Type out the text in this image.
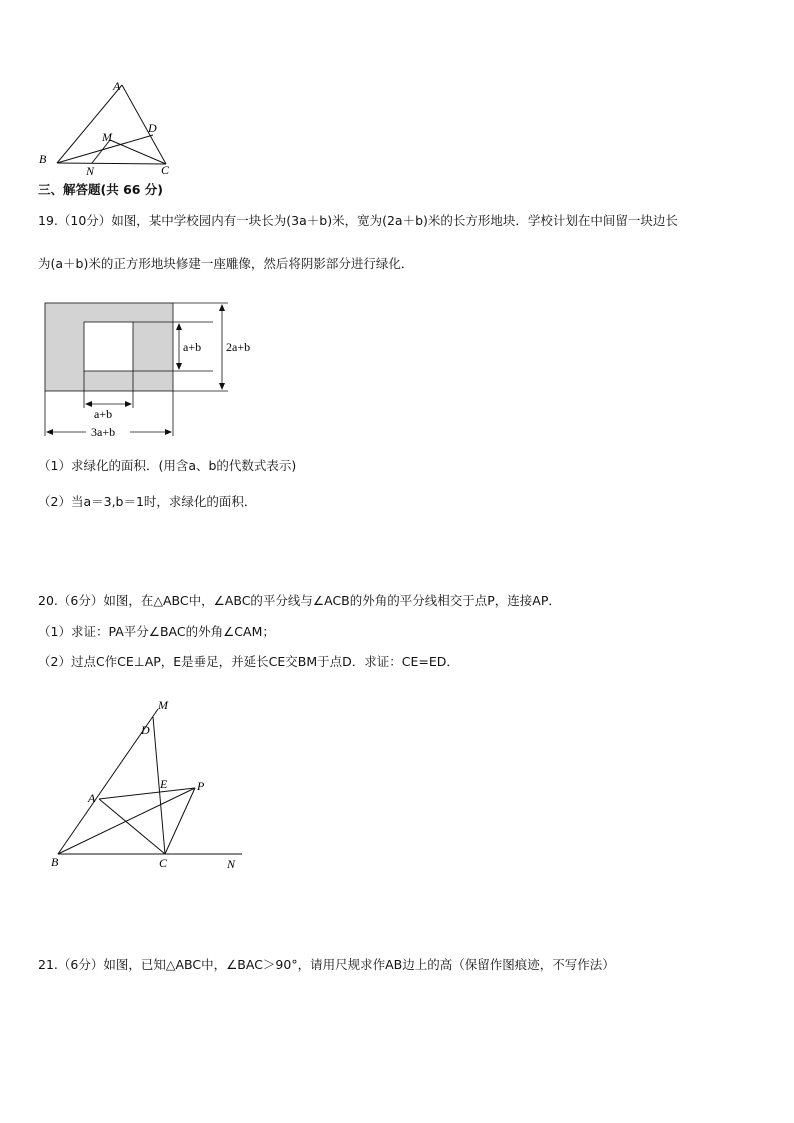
A
B
C
D
M
N
三、解答题(共 66 分)
19.（10分）如图，某中学校园内有一块长为(3a＋b)米，宽为(2a＋b)米的长方形地块．学校计划在中间留一块边长
为(a＋b)米的正方形地块修建一座雕像，然后将阴影部分进行绿化．
a+b 2a+b
a+b
3a+b
（1）求绿化的面积．(用含a、b的代数式表示)
（2）当a＝3,b＝1时，求绿化的面积．
20.（6分）如图，在△ABC中，∠ABC的平分线与∠ACB的外角的平分线相交于点P，连接AP．
（1）求证：PA平分∠BAC的外角∠CAM；
（2）过点C作CE⊥AP，E是垂足，并延长CE交BM于点D．求证：CE=ED．
M
D
A
E P
B	C	N
21.（6分）如图，已知△ABC中，∠BAC＞90°，请用尺规求作AB边上的高（保留作图痕迹，不写作法）
